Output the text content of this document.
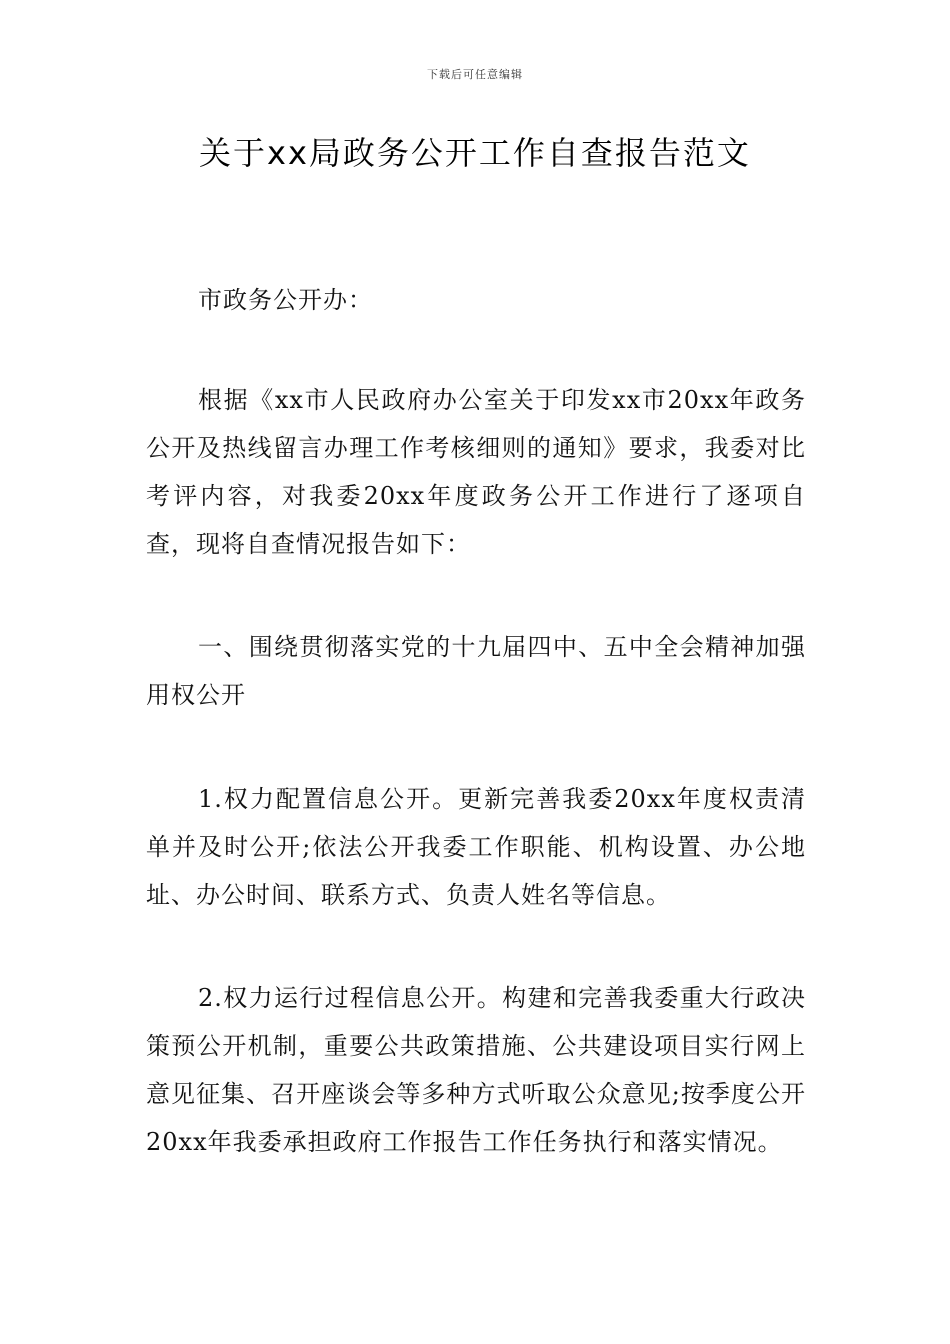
下载后可任意编辑
关于xx局政务公开工作自查报告范文

市政务公开办：

根据《xx市人民政府办公室关于印发xx市20xx年政务公开及热线留言办理工作考核细则的通知》要求，我委对比考评内容，对我委20xx年度政务公开工作进行了逐项自查，现将自查情况报告如下：

一、围绕贯彻落实党的十九届四中、五中全会精神加强用权公开

1.权力配置信息公开。更新完善我委20xx年度权责清单并及时公开;依法公开我委工作职能、机构设置、办公地址、办公时间、联系方式、负责人姓名等信息。

2.权力运行过程信息公开。构建和完善我委重大行政决策预公开机制，重要公共政策措施、公共建设项目实行网上意见征集、召开座谈会等多种方式听取公众意见;按季度公开20xx年我委承担政府工作报告工作任务执行和落实情况。
